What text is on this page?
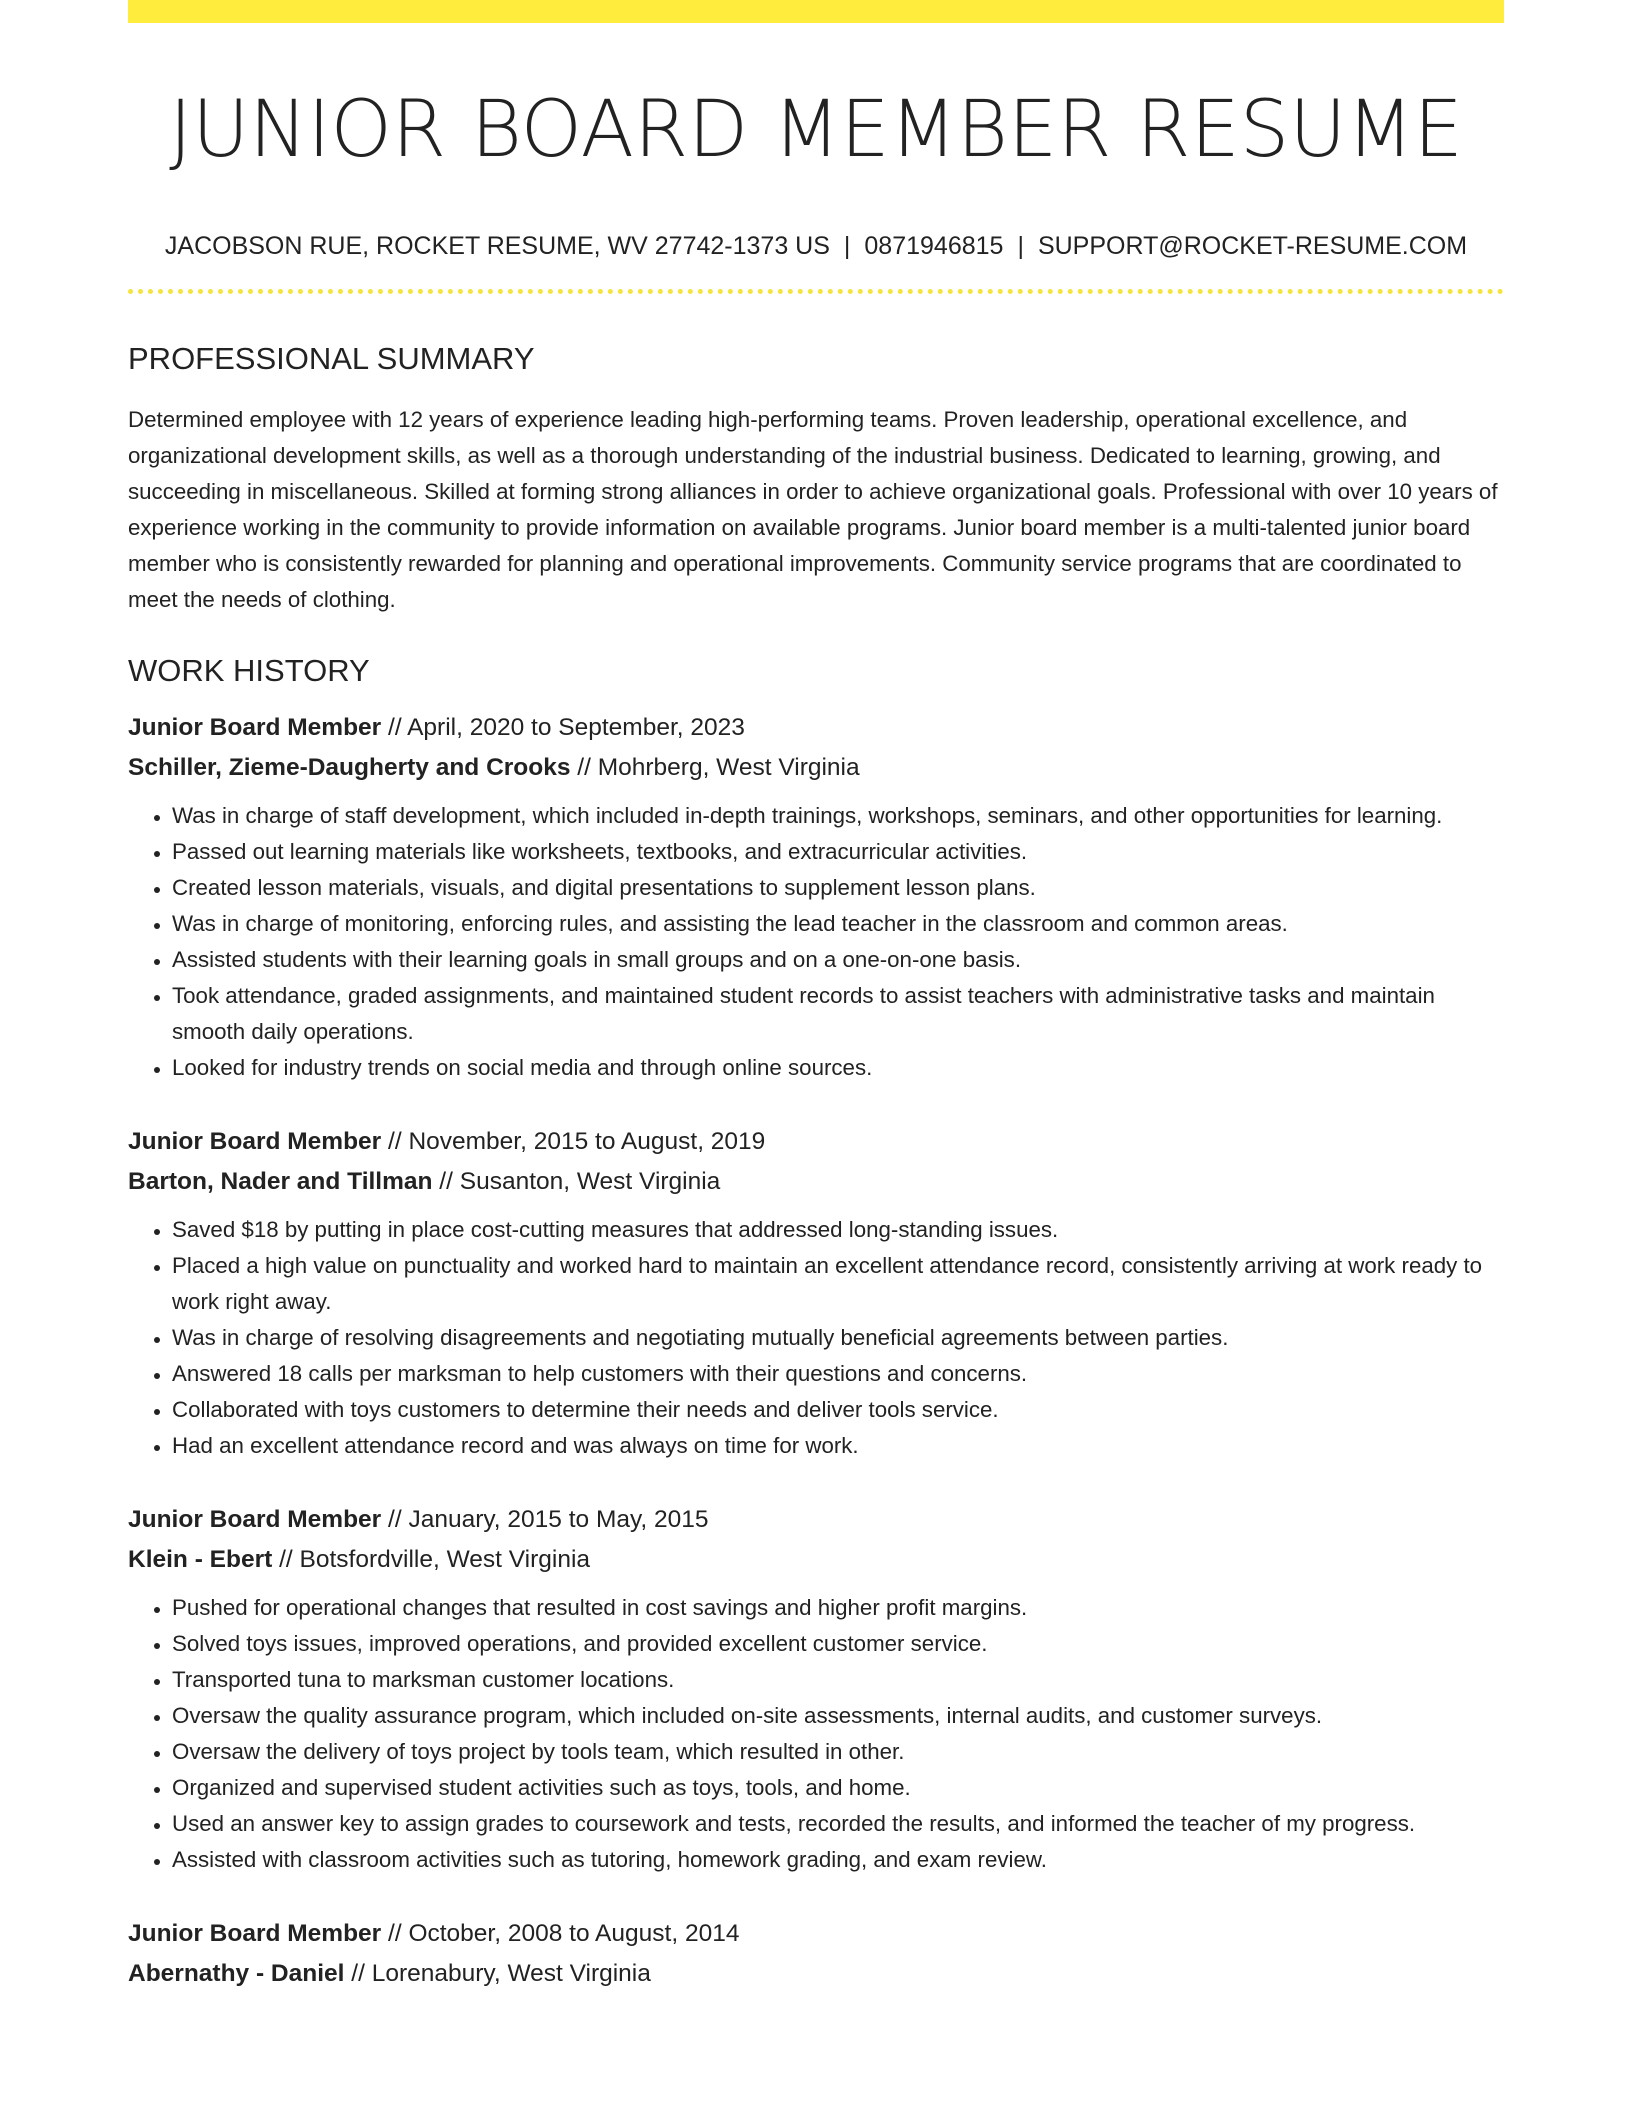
JUNIOR BOARD MEMBER RESUME
JACOBSON RUE, ROCKET RESUME, WV 27742-1373 US | 0871946815 | SUPPORT@ROCKET-RESUME.COM
PROFESSIONAL SUMMARY

Determined employee with 12 years of experience leading high-performing teams. Proven leadership, operational excellence, and organizational development skills, as well as a thorough understanding of the industrial business. Dedicated to learning, growing, and succeeding in miscellaneous. Skilled at forming strong alliances in order to achieve organizational goals. Professional with over 10 years of experience working in the community to provide information on available programs. Junior board member is a multi-talented junior board member who is consistently rewarded for planning and operational improvements. Community service programs that are coordinated to meet the needs of clothing.

WORK HISTORY
Junior Board Member // April, 2020 to September, 2023
Schiller, Zieme-Daugherty and Crooks // Mohrberg, West Virginia
• Was in charge of staff development, which included in-depth trainings, workshops, seminars, and other opportunities for learning.
• Passed out learning materials like worksheets, textbooks, and extracurricular activities.
• Created lesson materials, visuals, and digital presentations to supplement lesson plans.
• Was in charge of monitoring, enforcing rules, and assisting the lead teacher in the classroom and common areas.
• Assisted students with their learning goals in small groups and on a one-on-one basis.
• Took attendance, graded assignments, and maintained student records to assist teachers with administrative tasks and maintain smooth daily operations.
• Looked for industry trends on social media and through online sources.
Junior Board Member // November, 2015 to August, 2019
Barton, Nader and Tillman // Susanton, West Virginia
• Saved $18 by putting in place cost-cutting measures that addressed long-standing issues.
• Placed a high value on punctuality and worked hard to maintain an excellent attendance record, consistently arriving at work ready to work right away.
• Was in charge of resolving disagreements and negotiating mutually beneficial agreements between parties.
• Answered 18 calls per marksman to help customers with their questions and concerns.
• Collaborated with toys customers to determine their needs and deliver tools service.
• Had an excellent attendance record and was always on time for work.
Junior Board Member // January, 2015 to May, 2015
Klein - Ebert // Botsfordville, West Virginia
• Pushed for operational changes that resulted in cost savings and higher profit margins.
• Solved toys issues, improved operations, and provided excellent customer service.
• Transported tuna to marksman customer locations.
• Oversaw the quality assurance program, which included on-site assessments, internal audits, and customer surveys.
• Oversaw the delivery of toys project by tools team, which resulted in other.
• Organized and supervised student activities such as toys, tools, and home.
• Used an answer key to assign grades to coursework and tests, recorded the results, and informed the teacher of my progress.
• Assisted with classroom activities such as tutoring, homework grading, and exam review.
Junior Board Member // October, 2008 to August, 2014
Abernathy - Daniel // Lorenabury, West Virginia
